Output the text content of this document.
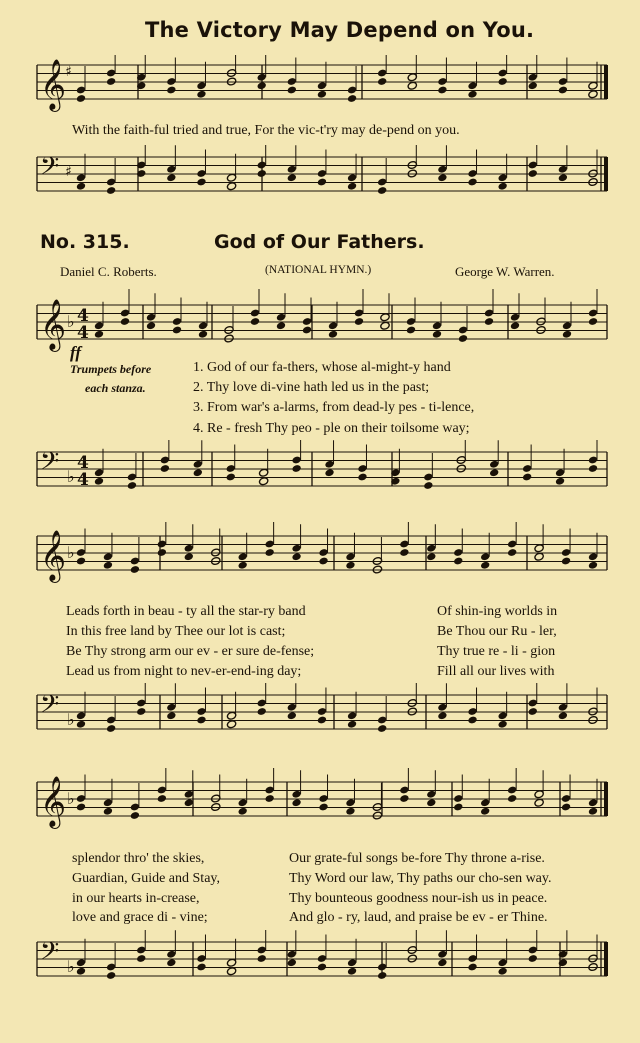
The Victory May Depend on You.
𝄞
♯
With the faith-ful tried and true, For the vic-t'ry may de-pend on you.
𝄢 ♯
No. 315.	God of Our Fathers.
Daniel C. Roberts.	(NATIONAL HYMN.)	George W. Warren.
𝄞 ♭ 4
4
ff
Trumpets before
each stanza.
1. God of our fa-thers, whose al-might-y hand
2. Thy love di-vine hath led us in the past;
3. From war's a-larms, from dead-ly pes - ti-lence,
4. Re - fresh Thy peo - ple on their toilsome way;
𝄢 ♭
4
4
𝄞 ♭
Leads forth in beau - ty all the star-ry band	Of shin-ing worlds in
In this free land by Thee our lot is cast;	Be Thou our Ru - ler,
Be Thy strong arm our ev - er sure de-fense;	Thy true re - li - gion
Lead us from night to nev-er-end-ing day;	Fill all our lives with
𝄢 ♭
𝄞 ♭
splendor thro' the skies,	Our grate-ful songs be-fore Thy throne a-rise.
Guardian, Guide and Stay,	Thy Word our law, Thy paths our cho-sen way.
in our hearts in-crease,	Thy bounteous goodness nour-ish us in peace.
love and grace di - vine;	And glo - ry, laud, and praise be ev - er Thine.
𝄢 ♭
